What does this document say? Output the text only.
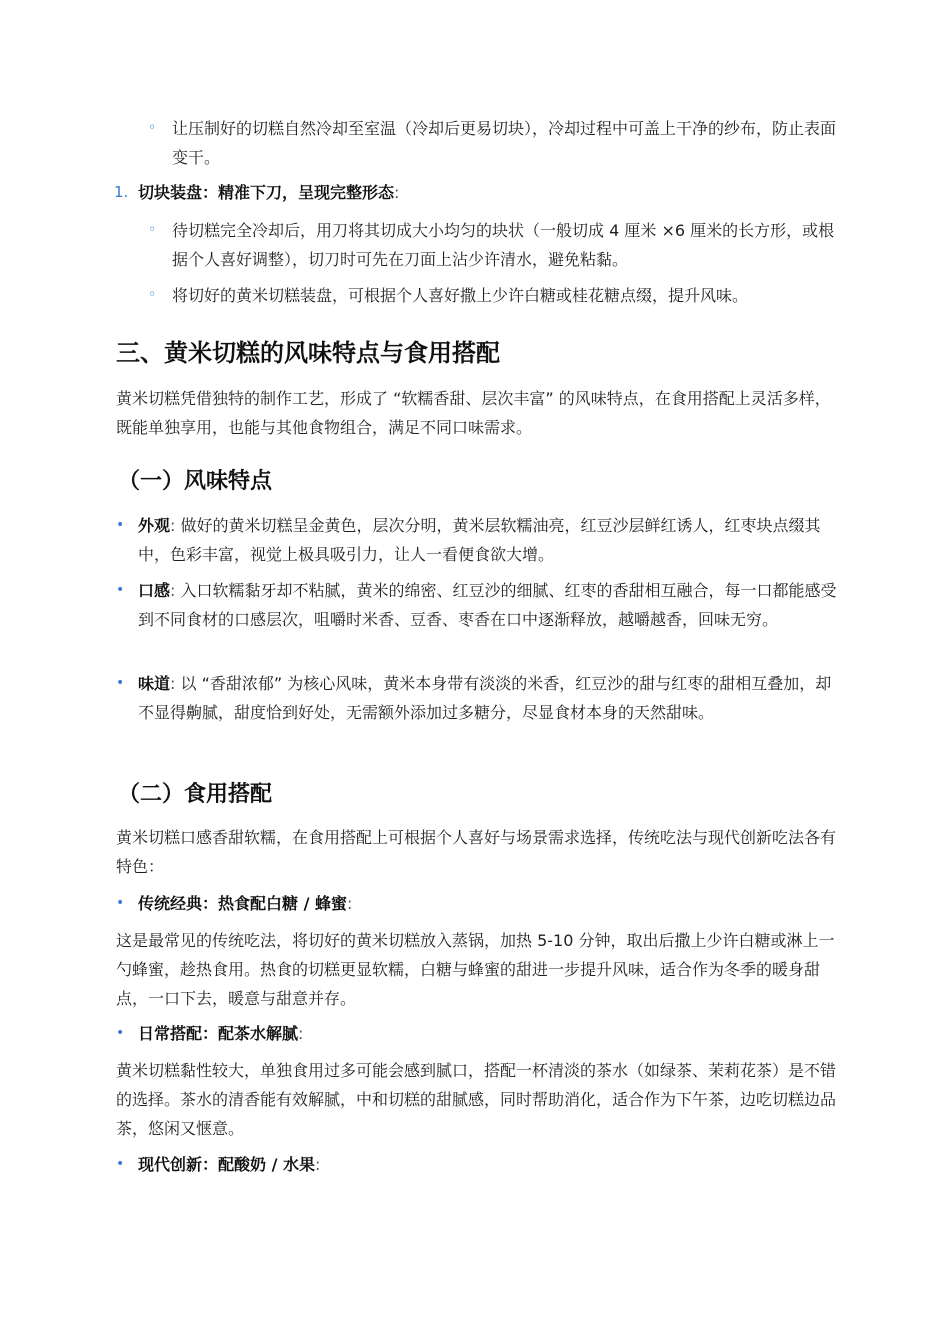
◦ 让压制好的切糕自然冷却至室温（冷却后更易切块），冷却过程中可盖上干净的纱布，防止表面变干。
1. 切块装盘：精准下刀，呈现完整形态:
◦ 待切糕完全冷却后，用刀将其切成大小均匀的块状（一般切成 4 厘米 ×6 厘米的长方形，或根据个人喜好调整），切刀时可先在刀面上沾少许清水，避免粘黏。
◦ 将切好的黄米切糕装盘，可根据个人喜好撒上少许白糖或桂花糖点缀，提升风味。
三、黄米切糕的风味特点与食用搭配

黄米切糕凭借独特的制作工艺，形成了 “软糯香甜、层次丰富” 的风味特点，在食用搭配上灵活多样，既能单独享用，也能与其他食物组合，满足不同口味需求。

（一）风味特点
• 外观: 做好的黄米切糕呈金黄色，层次分明，黄米层软糯油亮，红豆沙层鲜红诱人，红枣块点缀其中，色彩丰富，视觉上极具吸引力，让人一看便食欲大增。
• 口感: 入口软糯黏牙却不粘腻，黄米的绵密、红豆沙的细腻、红枣的香甜相互融合，每一口都能感受到不同食材的口感层次，咀嚼时米香、豆香、枣香在口中逐渐释放，越嚼越香，回味无穷。
• 味道: 以 “香甜浓郁” 为核心风味，黄米本身带有淡淡的米香，红豆沙的甜与红枣的甜相互叠加，却不显得齁腻，甜度恰到好处，无需额外添加过多糖分，尽显食材本身的天然甜味。
（二）食用搭配

黄米切糕口感香甜软糯，在食用搭配上可根据个人喜好与场景需求选择，传统吃法与现代创新吃法各有特色：

• 传统经典：热食配白糖 / 蜂蜜:

这是最常见的传统吃法，将切好的黄米切糕放入蒸锅，加热 5-10 分钟，取出后撒上少许白糖或淋上一勺蜂蜜，趁热食用。热食的切糕更显软糯，白糖与蜂蜜的甜进一步提升风味，适合作为冬季的暖身甜点，一口下去，暖意与甜意并存。

• 日常搭配：配茶水解腻:

黄米切糕黏性较大，单独食用过多可能会感到腻口，搭配一杯清淡的茶水（如绿茶、茉莉花茶）是不错的选择。茶水的清香能有效解腻，中和切糕的甜腻感，同时帮助消化，适合作为下午茶，边吃切糕边品茶，悠闲又惬意。

• 现代创新：配酸奶 / 水果:
